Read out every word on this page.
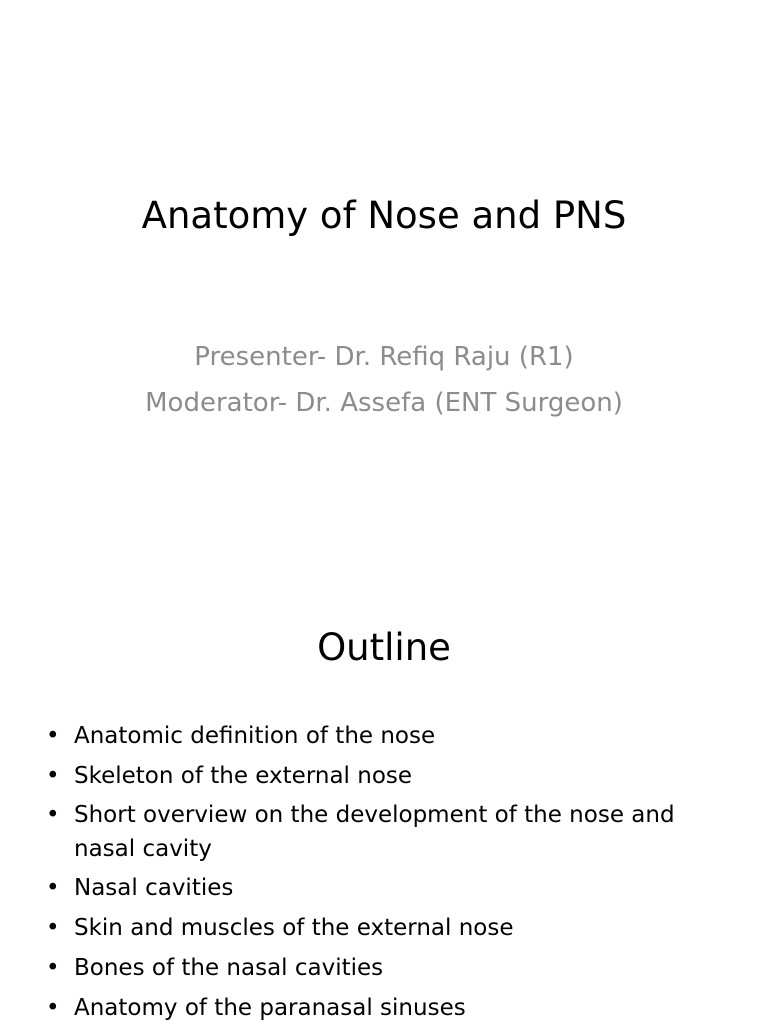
Anatomy of Nose and PNS
Presenter- Dr. Refiq Raju (R1)
Moderator- Dr. Assefa (ENT Surgeon)
Outline
• Anatomic definition of the nose
• Skeleton of the external nose
• Short overview on the development of the nose and nasal cavity
• Nasal cavities
• Skin and muscles of the external nose
• Bones of the nasal cavities
• Anatomy of the paranasal sinuses
